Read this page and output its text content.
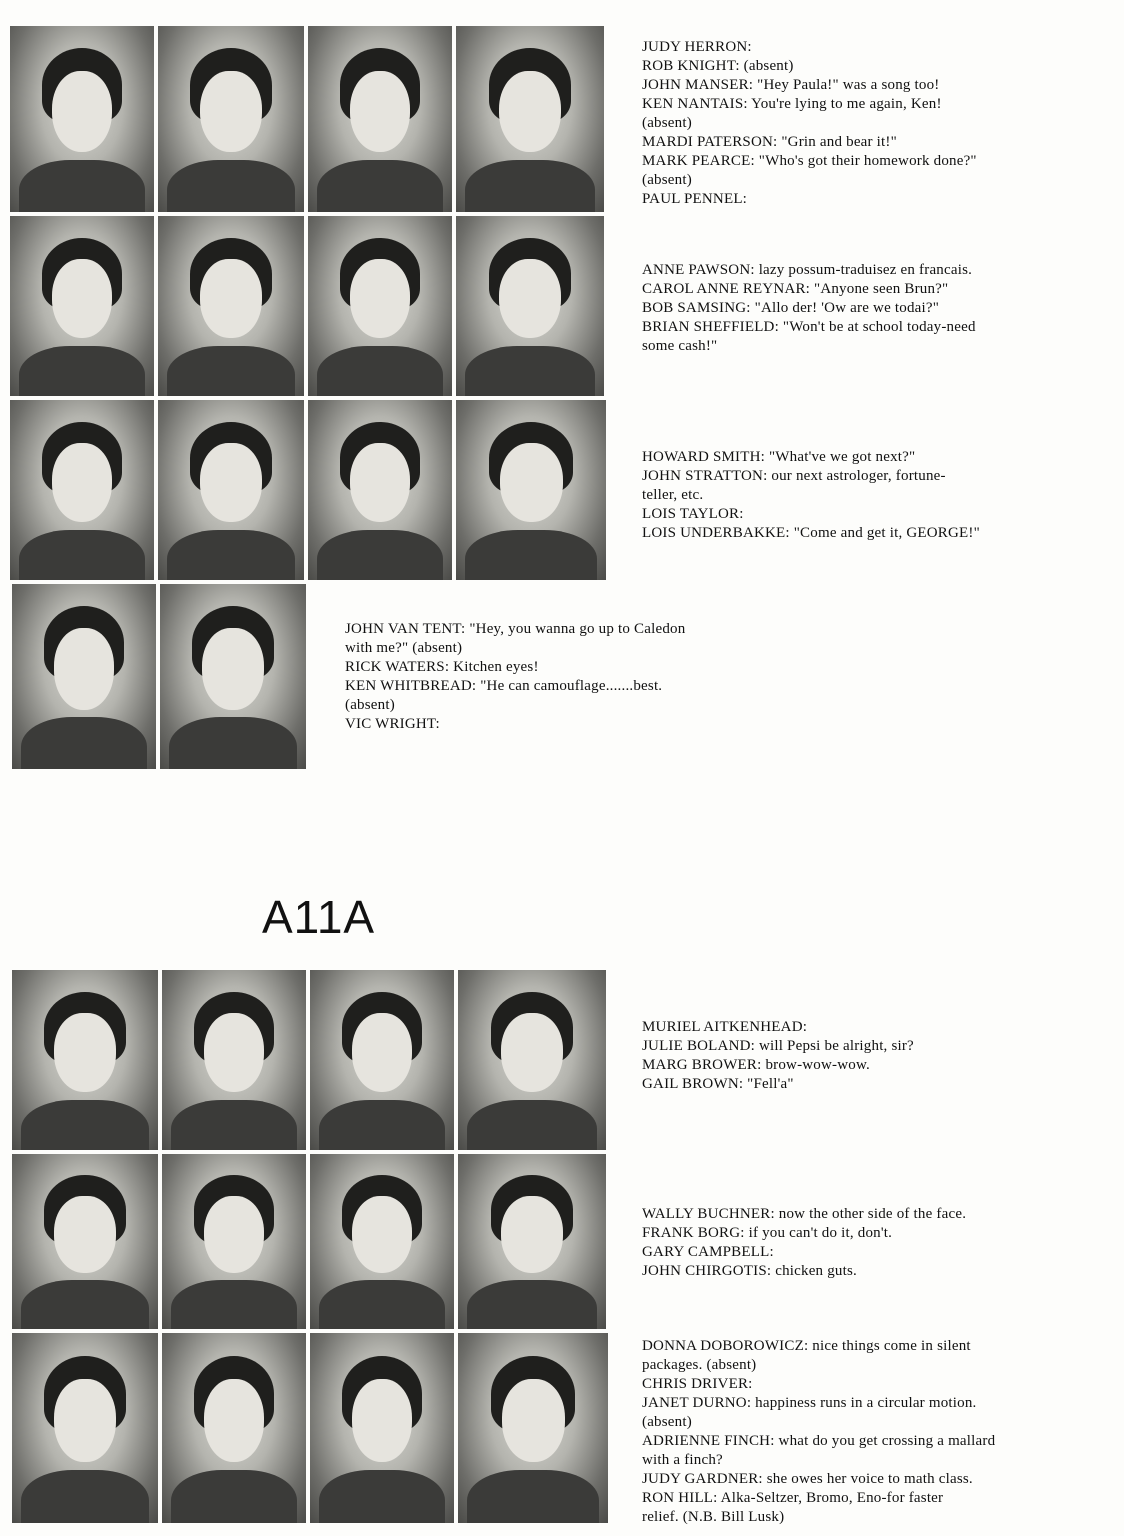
JUDY HERRON:
ROB KNIGHT: (absent)
JOHN MANSER: "Hey Paula!" was a song too!
KEN NANTAIS: You're lying to me again, Ken!
(absent)
MARDI PATERSON: "Grin and bear it!"
MARK PEARCE: "Who's got their homework done?"
(absent)
PAUL PENNEL:
ANNE PAWSON: lazy possum-traduisez en francais.
CAROL ANNE REYNAR: "Anyone seen Brun?"
BOB SAMSING: "Allo der! 'Ow are we todai?"
BRIAN SHEFFIELD: "Won't be at school today-need
some cash!"
HOWARD SMITH: "What've we got next?"
JOHN STRATTON: our next astrologer, fortune-
teller, etc.
LOIS TAYLOR:
LOIS UNDERBAKKE: "Come and get it, GEORGE!"
JOHN VAN TENT: "Hey, you wanna go up to Caledon
with me?" (absent)
RICK WATERS: Kitchen eyes!
KEN WHITBREAD: "He can camouflage.......best.
(absent)
VIC WRIGHT:
A11A
MURIEL AITKENHEAD:
JULIE BOLAND: will Pepsi be alright, sir?
MARG BROWER: brow-wow-wow.
GAIL BROWN: "Fell'a"
WALLY BUCHNER: now the other side of the face.
FRANK BORG: if you can't do it, don't.
GARY CAMPBELL:
JOHN CHIRGOTIS: chicken guts.
DONNA DOBOROWICZ: nice things come in silent
packages. (absent)
CHRIS DRIVER:
JANET DURNO: happiness runs in a circular motion.
(absent)
ADRIENNE FINCH: what do you get crossing a mallard
with a finch?
JUDY GARDNER: she owes her voice to math class.
RON HILL: Alka-Seltzer, Bromo, Eno-for faster
relief. (N.B. Bill Lusk)
